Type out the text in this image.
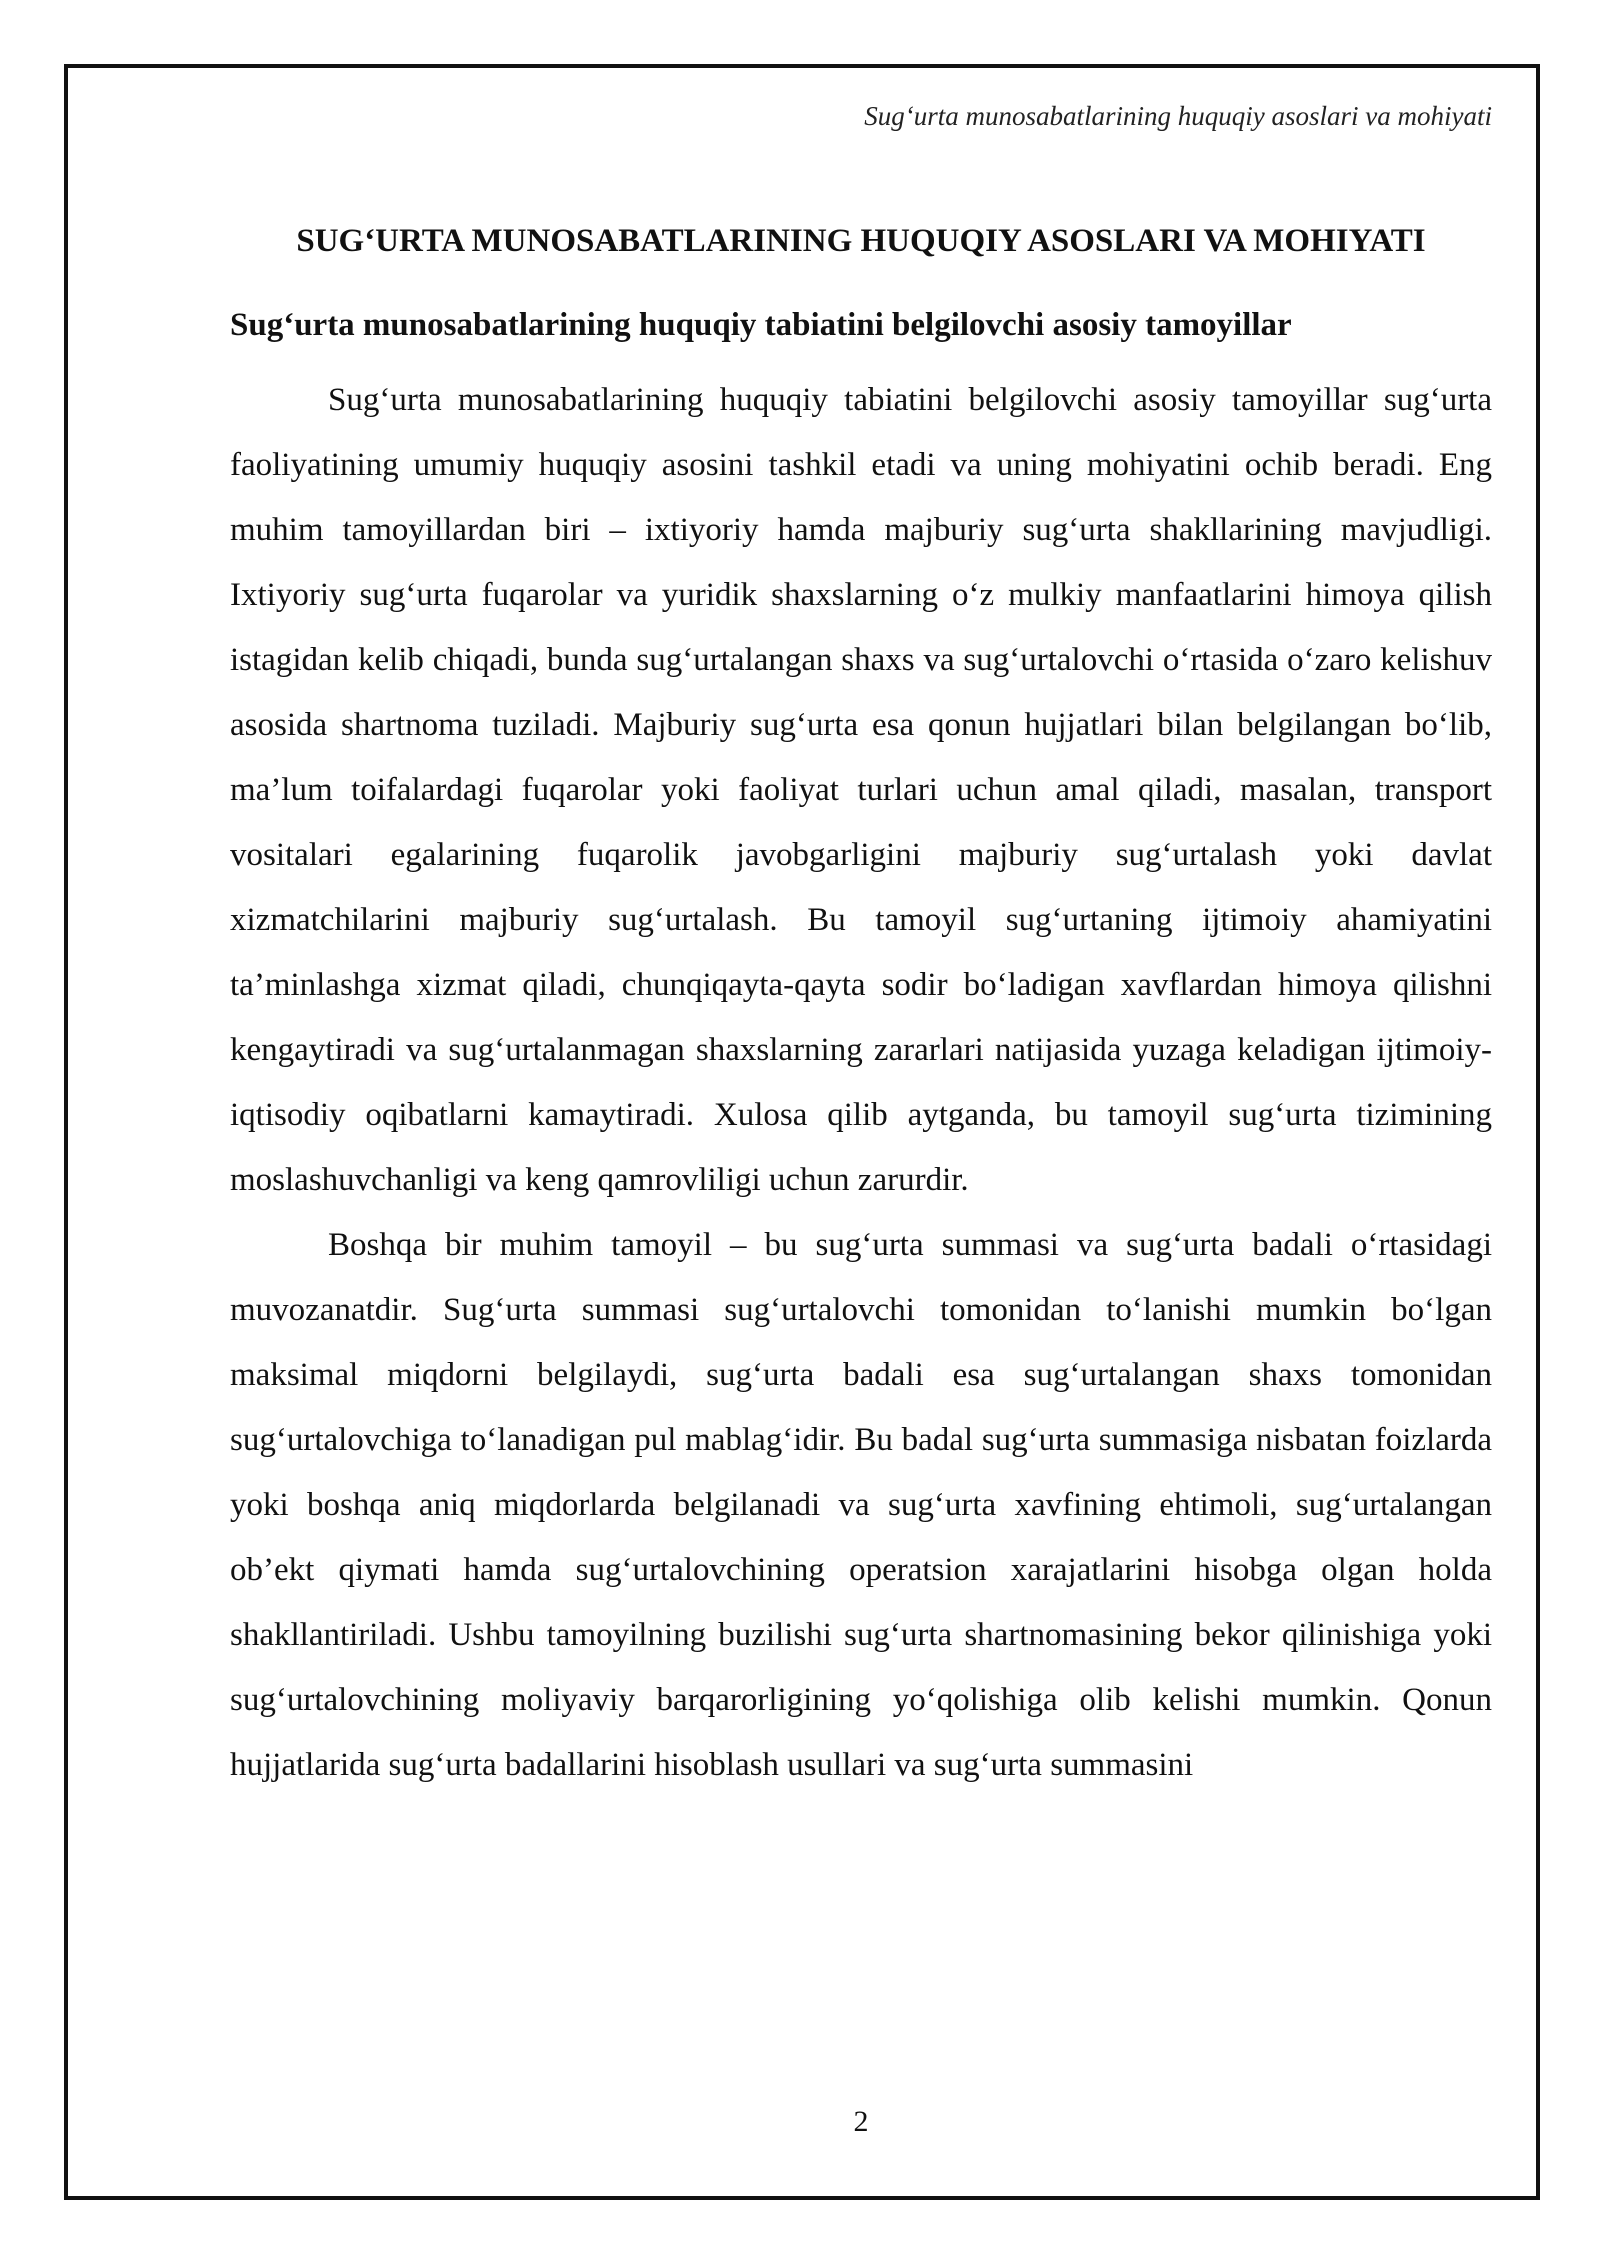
Sug‘urta munosabatlarining huquqiy asoslari va mohiyati
SUG‘URTA MUNOSABATLARINING HUQUQIY ASOSLARI VA MOHIYATI
Sug‘urta munosabatlarining huquqiy tabiatini belgilovchi asosiy tamoyillar

Sug‘urta munosabatlarining huquqiy tabiatini belgilovchi asosiy tamoyillar sug‘urta faoliyatining umumiy huquqiy asosini tashkil etadi va uning mohiyatini ochib beradi. Eng muhim tamoyillardan biri – ixtiyoriy hamda majburiy sug‘urta shakllarining mavjudligi. Ixtiyoriy sug‘urta fuqarolar va yuridik shaxslarning o‘z mulkiy manfaatlarini himoya qilish istagidan kelib chiqadi, bunda sug‘urtalangan shaxs va sug‘urtalovchi o‘rtasida o‘zaro kelishuv asosida shartnoma tuziladi. Majburiy sug‘urta esa qonun hujjatlari bilan belgilangan bo‘lib, ma’lum toifalardagi fuqarolar yoki faoliyat turlari uchun amal qiladi, masalan, transport vositalari egalarining fuqarolik javobgarligini majburiy sug‘urtalash yoki davlat xizmatchilarini majburiy sug‘urtalash. Bu tamoyil sug‘urtaning ijtimoiy ahamiyatini ta’minlashga xizmat qiladi, chunqiqayta-qayta sodir bo‘ladigan xavflardan himoya qilishni kengaytiradi va sug‘urtalanmagan shaxslarning zararlari natijasida yuzaga keladigan ijtimoiy-iqtisodiy oqibatlarni kamaytiradi. Xulosa qilib aytganda, bu tamoyil sug‘urta tizimining moslashuvchanligi va keng qamrovliligi uchun zarurdir.

Boshqa bir muhim tamoyil – bu sug‘urta summasi va sug‘urta badali o‘rtasidagi muvozanatdir. Sug‘urta summasi sug‘urtalovchi tomonidan to‘lanishi mumkin bo‘lgan maksimal miqdorni belgilaydi, sug‘urta badali esa sug‘urtalangan shaxs tomonidan sug‘urtalovchiga to‘lanadigan pul mablag‘idir. Bu badal sug‘urta summasiga nisbatan foizlarda yoki boshqa aniq miqdorlarda belgilanadi va sug‘urta xavfining ehtimoli, sug‘urtalangan ob’ekt qiymati hamda sug‘urtalovchining operatsion xarajatlarini hisobga olgan holda shakllantiriladi. Ushbu tamoyilning buzilishi sug‘urta shartnomasining bekor qilinishiga yoki sug‘urtalovchining moliyaviy barqarorligining yo‘qolishiga olib kelishi mumkin. Qonun hujjatlarida sug‘urta badallarini hisoblash usullari va sug‘urta summasini

2
